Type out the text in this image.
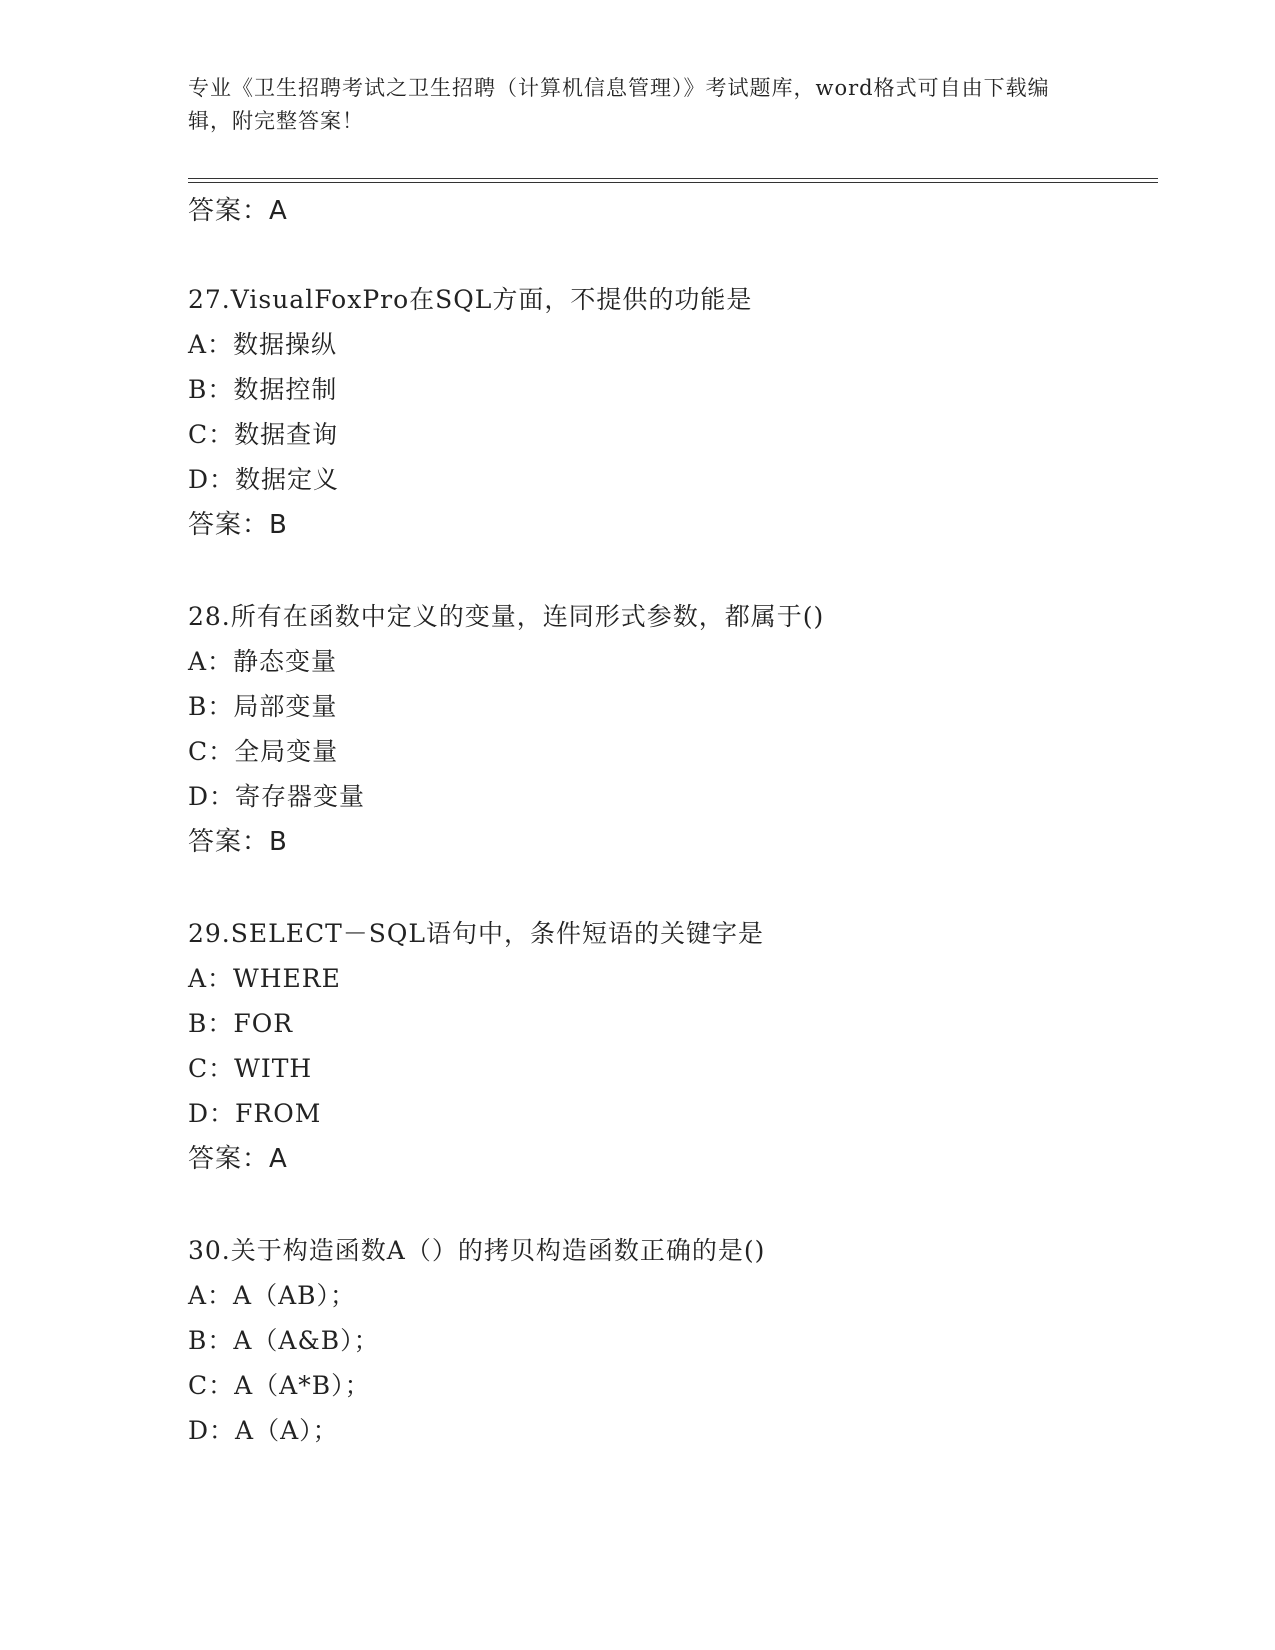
专业《卫生招聘考试之卫生招聘（计算机信息管理）》考试题库，word格式可自由下载编辑，附完整答案！
答案：A
27.VisualFoxPro在SQL方面，不提供的功能是
A：数据操纵
B：数据控制
C：数据查询
D：数据定义
答案：B
28.所有在函数中定义的变量，连同形式参数，都属于()
A：静态变量
B：局部变量
C：全局变量
D：寄存器变量
答案：B
29.SELECT－SQL语句中，条件短语的关键字是
A：WHERE
B：FOR
C：WITH
D：FROM
答案：A
30.关于构造函数A（）的拷贝构造函数正确的是()
A：A（AB）；
B：A（A&B）；
C：A（A*B）；
D：A（A）；
